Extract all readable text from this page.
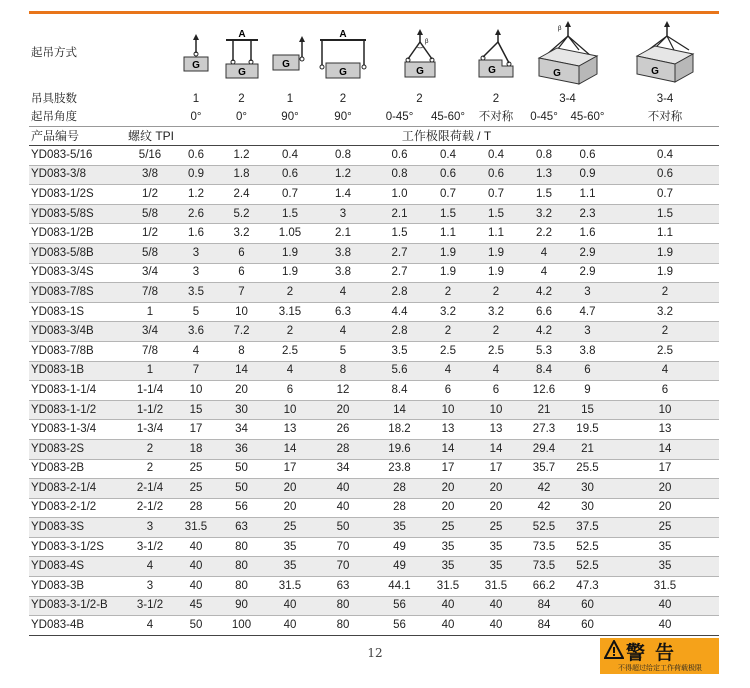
起吊方式		G	A
G	G	A
G	β
G		G	β
G		G

吊具肢数		1	2	1	2	2		2	3-4		3-4
起吊角度		0°	0°	90°	90°	0-45°	45-60°	不对称	0-45°	45-60°	不对称
产品编号	螺纹 TPI	工作极限荷载 / T									
YD083-5/16	5/16	0.6	1.2	0.4	0.8	0.6	0.4	0.4	0.8	0.6	0.4
YD083-3/8	3/8	0.9	1.8	0.6	1.2	0.8	0.6	0.6	1.3	0.9	0.6
YD083-1/2S	1/2	1.2	2.4	0.7	1.4	1.0	0.7	0.7	1.5	1.1	0.7
YD083-5/8S	5/8	2.6	5.2	1.5	3	2.1	1.5	1.5	3.2	2.3	1.5
YD083-1/2B	1/2	1.6	3.2	1.05	2.1	1.5	1.1	1.1	2.2	1.6	1.1
YD083-5/8B	5/8	3	6	1.9	3.8	2.7	1.9	1.9	4	2.9	1.9
YD083-3/4S	3/4	3	6	1.9	3.8	2.7	1.9	1.9	4	2.9	1.9
YD083-7/8S	7/8	3.5	7	2	4	2.8	2	2	4.2	3	2
YD083-1S	1	5	10	3.15	6.3	4.4	3.2	3.2	6.6	4.7	3.2
YD083-3/4B	3/4	3.6	7.2	2	4	2.8	2	2	4.2	3	2
YD083-7/8B	7/8	4	8	2.5	5	3.5	2.5	2.5	5.3	3.8	2.5
YD083-1B	1	7	14	4	8	5.6	4	4	8.4	6	4
YD083-1-1/4	1-1/4	10	20	6	12	8.4	6	6	12.6	9	6
YD083-1-1/2	1-1/2	15	30	10	20	14	10	10	21	15	10
YD083-1-3/4	1-3/4	17	34	13	26	18.2	13	13	27.3	19.5	13
YD083-2S	2	18	36	14	28	19.6	14	14	29.4	21	14
YD083-2B	2	25	50	17	34	23.8	17	17	35.7	25.5	17
YD083-2-1/4	2-1/4	25	50	20	40	28	20	20	42	30	20
YD083-2-1/2	2-1/2	28	56	20	40	28	20	20	42	30	20
YD083-3S	3	31.5	63	25	50	35	25	25	52.5	37.5	25
YD083-3-1/2S	3-1/2	40	80	35	70	49	35	35	73.5	52.5	35
YD083-4S	4	40	80	35	70	49	35	35	73.5	52.5	35
YD083-3B	3	40	80	31.5	63	44.1	31.5	31.5	66.2	47.3	31.5
YD083-3-1/2-B	3-1/2	45	90	40	80	56	40	40	84	60	40
YD083-4B	4	50	100	40	80	56	40	40	84	60	40
12	警告
不得超过给定工作荷载极限
